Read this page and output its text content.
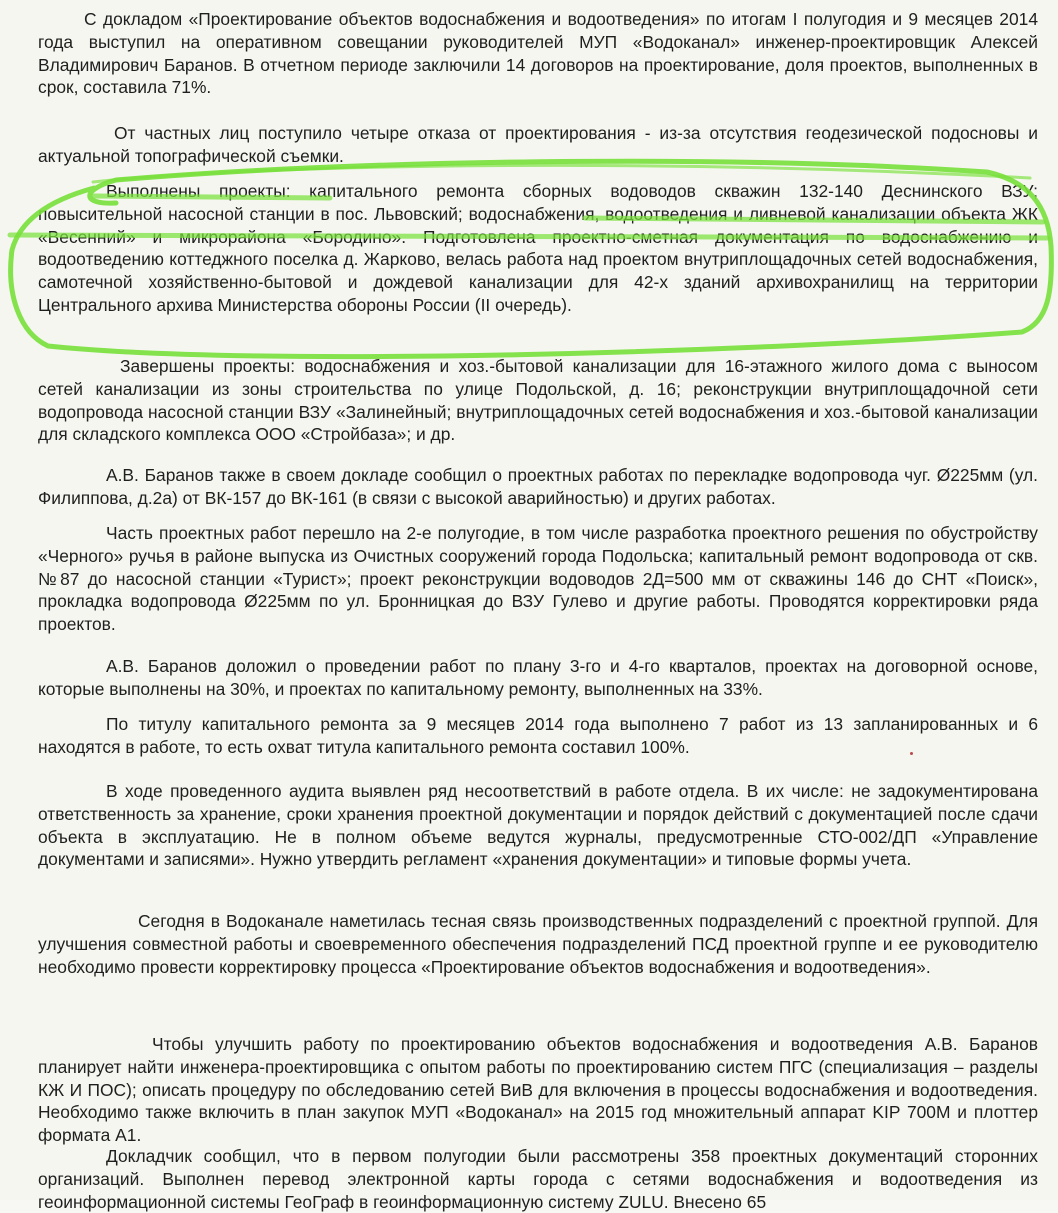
С докладом «Проектирование объектов водоснабжения и водоотведения» по итогам I полугодия и 9 месяцев 2014 года выступил на оперативном совещании руководителей МУП «Водоканал» инженер-проектировщик Алексей Владимирович Баранов. В отчетном периоде заключили 14 договоров на проектирование, доля проектов, выполненных в срок, составила 71%.

От частных лиц поступило четыре отказа от проектирования - из-за отсутствия геодезической подосновы и актуальной топографической съемки.

Выполнены проекты: капитального ремонта сборных водоводов скважин 132-140 Деснинского ВЗУ; повысительной насосной станции в пос. Львовский; водоснабжения, водоотведения и ливневой канализации объекта ЖК «Весенний» и микрорайона «Бородино». Подготовлена проектно-сметная документация по водоснабжению и водоотведению коттеджного поселка д. Жарково, велась работа над проектом внутриплощадочных сетей водоснабжения, самотечной хозяйственно-бытовой и дождевой канализации для 42-х зданий архивохранилищ на территории Центрального архива Министерства обороны России (II очередь).

Завершены проекты: водоснабжения и хоз.-бытовой канализации для 16-этажного жилого дома с выносом сетей канализации из зоны строительства по улице Подольской, д. 16; реконструкции внутриплощадочной сети водопровода насосной станции ВЗУ «Залинейный; внутриплощадочных сетей водоснабжения и хоз.-бытовой канализации для складского комплекса ООО «Стройбаза»; и др.

А.В. Баранов также в своем докладе сообщил о проектных работах по перекладке водопровода чуг. Ø225мм (ул. Филиппова, д.2а) от ВК-157 до ВК-161 (в связи с высокой аварийностью) и других работах.

Часть проектных работ перешло на 2-е полугодие, в том числе разработка проектного решения по обустройству «Черного» ручья в районе выпуска из Очистных сооружений города Подольска; капитальный ремонт водопровода от скв. №87 до насосной станции «Турист»; проект реконструкции водоводов 2Д=500 мм от скважины 146 до СНТ «Поиск», прокладка водопровода Ø225мм по ул. Бронницкая до ВЗУ Гулево и другие работы. Проводятся корректировки ряда проектов.

А.В. Баранов доложил о проведении работ по плану 3-го и 4-го кварталов, проектах на договорной основе, которые выполнены на 30%, и проектах по капитальному ремонту, выполненных на 33%.

По титулу капитального ремонта за 9 месяцев 2014 года выполнено 7 работ из 13 запланированных и 6 находятся в работе, то есть охват титула капитального ремонта составил 100%.

В ходе проведенного аудита выявлен ряд несоответствий в работе отдела. В их числе: не задокументирована ответственность за хранение, сроки хранения проектной документации и порядок действий с документацией после сдачи объекта в эксплуатацию. Не в полном объеме ведутся журналы, предусмотренные СТО-002/ДП «Управление документами и записями». Нужно утвердить регламент «хранения документации» и типовые формы учета.

Сегодня в Водоканале наметилась тесная связь производственных подразделений с проектной группой. Для улучшения совместной работы и своевременного обеспечения подразделений ПСД проектной группе и ее руководителю необходимо провести корректировку процесса «Проектирование объектов водоснабжения и водоотведения».

Чтобы улучшить работу по проектированию объектов водоснабжения и водоотведения А.В. Баранов планирует найти инженера-проектировщика с опытом работы по проектированию систем ПГС (специализация – разделы КЖ И ПОС); описать процедуру по обследованию сетей ВиВ для включения в процессы водоснабжения и водоотведения. Необходимо также включить в план закупок МУП «Водоканал» на 2015 год множительный аппарат KIP 700M и плоттер формата А1.

Докладчик сообщил, что в первом полугодии были рассмотрены 358 проектных документаций сторонних организаций. Выполнен перевод электронной карты города с сетями водоснабжения и водоотведения из геоинформационной системы ГеоГраф в геоинформационную систему ZULU. Внесено 65
